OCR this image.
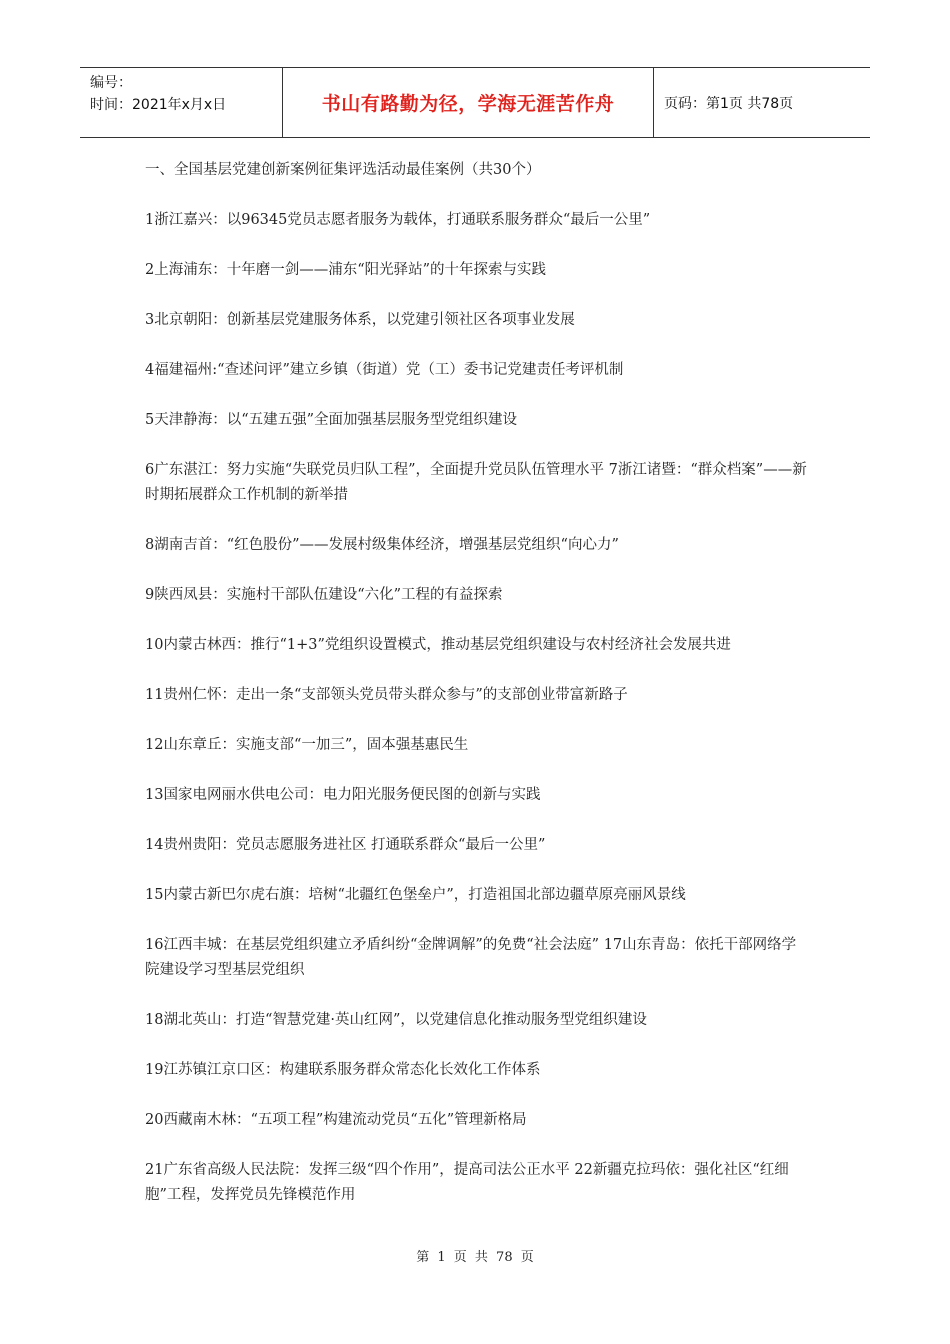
编号：
时间：2021年x月x日	书山有路勤为径，学海无涯苦作舟	页码：第1页 共78页

一、全国基层党建创新案例征集评选活动最佳案例（共30个）

1浙江嘉兴：以96345党员志愿者服务为载体，打通联系服务群众“最后一公里”

2上海浦东：十年磨一剑——浦东“阳光驿站”的十年探索与实践

3北京朝阳：创新基层党建服务体系，以党建引领社区各项事业发展

4福建福州:“查述问评”建立乡镇（街道）党（工）委书记党建责任考评机制

5天津静海：以“五建五强”全面加强基层服务型党组织建设

6广东湛江：努力实施“失联党员归队工程”，全面提升党员队伍管理水平 7浙江诸暨：“群众档案”——新时期拓展群众工作机制的新举措

8湖南吉首：“红色股份”——发展村级集体经济，增强基层党组织“向心力”

9陕西凤县：实施村干部队伍建设“六化”工程的有益探索

10内蒙古林西：推行“1+3”党组织设置模式，推动基层党组织建设与农村经济社会发展共进

11贵州仁怀：走出一条“支部领头党员带头群众参与”的支部创业带富新路子

12山东章丘：实施支部“一加三”，固本强基惠民生

13国家电网丽水供电公司：电力阳光服务便民图的创新与实践

14贵州贵阳：党员志愿服务进社区 打通联系群众“最后一公里”

15内蒙古新巴尔虎右旗：培树“北疆红色堡垒户”，打造祖国北部边疆草原亮丽风景线

16江西丰城：在基层党组织建立矛盾纠纷“金牌调解”的免费“社会法庭” 17山东青岛：依托干部网络学院建设学习型基层党组织

18湖北英山：打造“智慧党建·英山红网”，以党建信息化推动服务型党组织建设

19江苏镇江京口区：构建联系服务群众常态化长效化工作体系

20西藏南木林：“五项工程”构建流动党员“五化”管理新格局

21广东省高级人民法院：发挥三级“四个作用”，提高司法公正水平 22新疆克拉玛依：强化社区“红细胞”工程，发挥党员先锋模范作用

第 1 页 共 78 页
